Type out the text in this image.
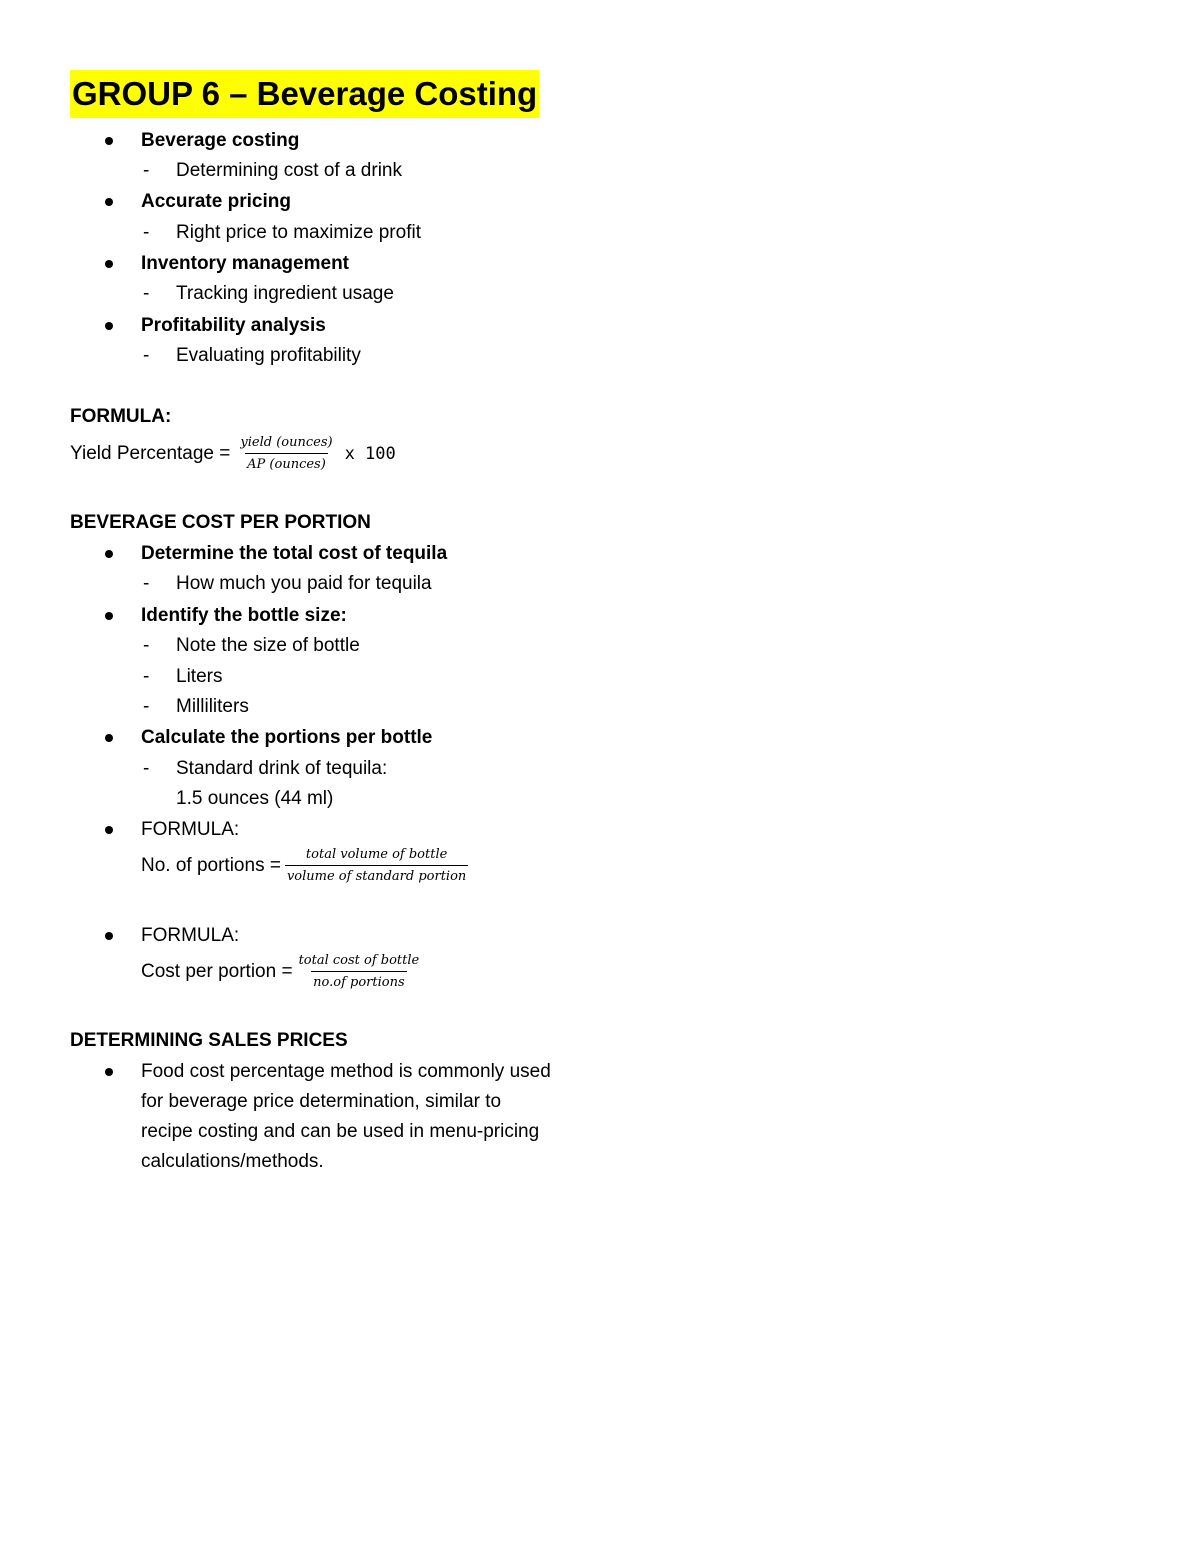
GROUP 6 – Beverage Costing
Beverage costing
- Determining cost of a drink
Accurate pricing
- Right price to maximize profit
Inventory management
- Tracking ingredient usage
Profitability analysis
- Evaluating profitability
FORMULA:
Yield Percentage = $\frac{\text{yield (ounces)}}{\text{AP (ounces)}}$ x 100
BEVERAGE COST PER PORTION
Determine the total cost of tequila
- How much you paid for tequila
Identify the bottle size:
- Note the size of bottle
- Liters
- Milliliters
Calculate the portions per bottle
- Standard drink of tequila:
1.5 ounces (44 ml)
FORMULA:
No. of portions = $\frac{\text{total volume of bottle}}{\text{volume of standard portion}}$
FORMULA:
Cost per portion = $\frac{\text{total cost of bottle}}{\text{no.of portions}}$
DETERMINING SALES PRICES
Food cost percentage method is commonly used for beverage price determination, similar to recipe costing and can be used in menu-pricing calculations/methods.
